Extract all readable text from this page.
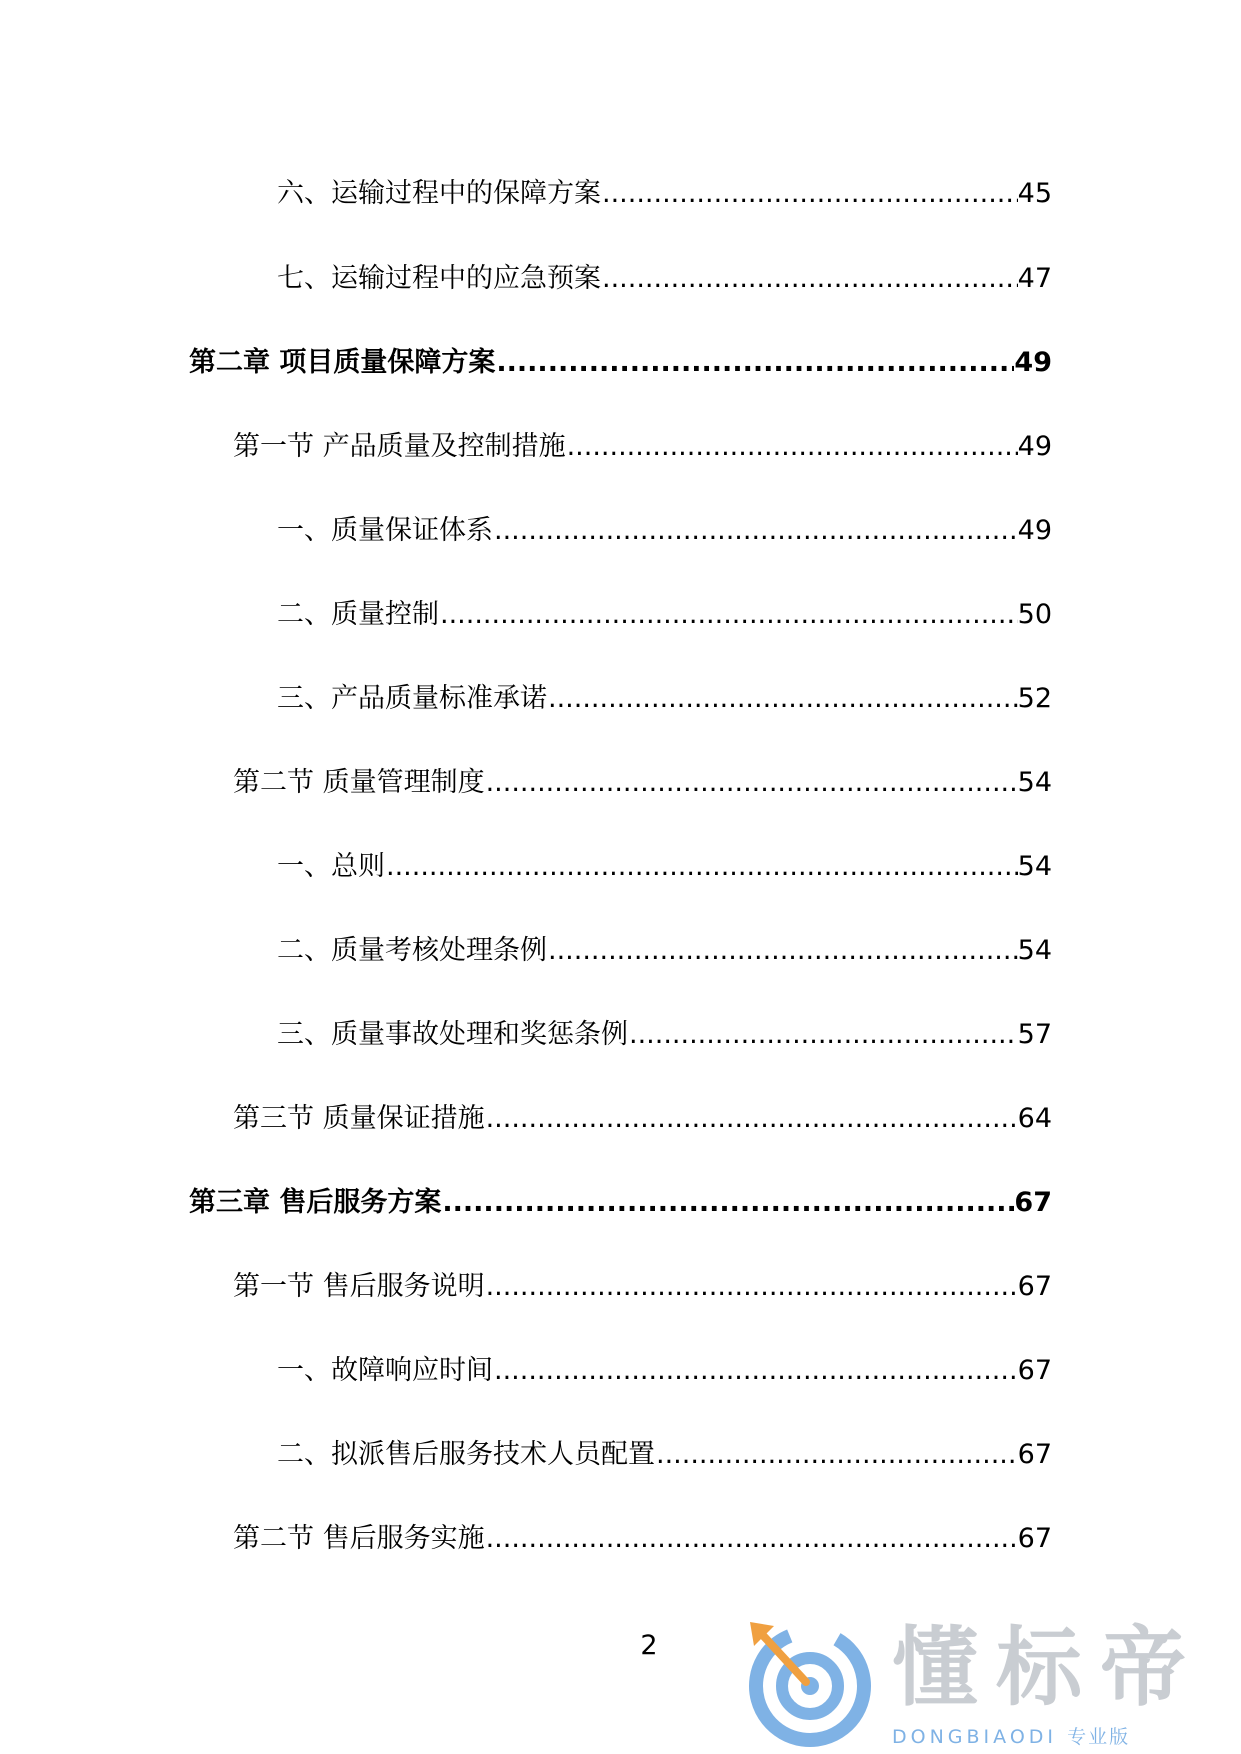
六、运输过程中的保障方案 .....	45
七、运输过程中的应急预案 .....	47
第二章 项目质量保障方案 .....	49
第一节 产品质量及控制措施 .....	49
一、质量保证体系 .....	49
二、质量控制 .....	50
三、产品质量标准承诺 .....	52
第二节 质量管理制度 .....	54
一、总则 .....	54
二、质量考核处理条例 .....	54
三、质量事故处理和奖惩条例 .....	57
第三节 质量保证措施 .....	64
第三章 售后服务方案 .....	67
第一节 售后服务说明 .....	67
一、故障响应时间 .....	67
二、拟派售后服务技术人员配置 .....	67
第二节 售后服务实施 .....	67
2	懂标帝
DONGBIAODI 专业版
